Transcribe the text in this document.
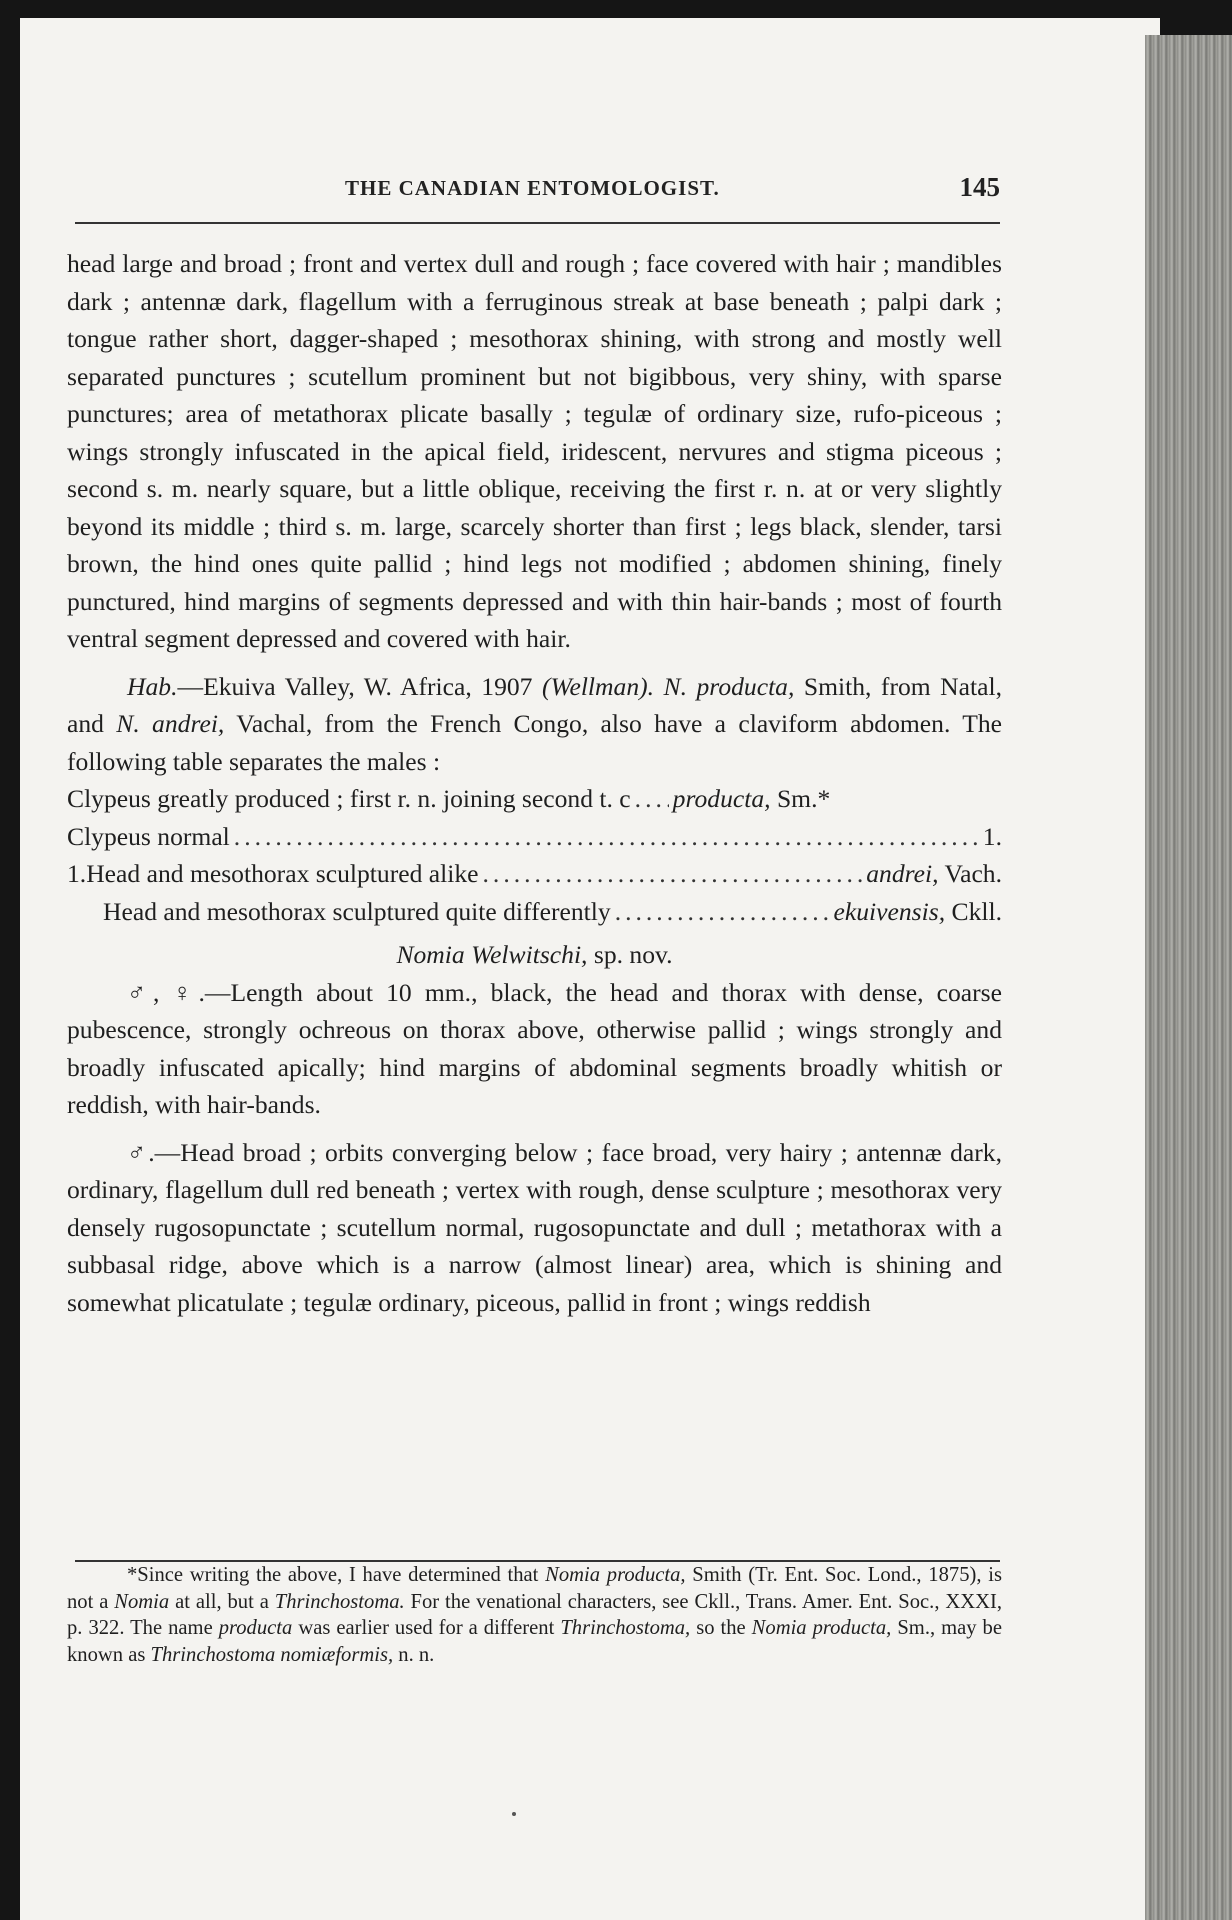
THE CANADIAN ENTOMOLOGIST.	145

head large and broad ; front and vertex dull and rough ; face covered with hair ; mandibles dark ; antennæ dark, flagellum with a ferruginous streak at base beneath ; palpi dark ; tongue rather short, dagger-shaped ; mesothorax shining, with strong and mostly well separated punctures ; scutellum prominent but not bigibbous, very shiny, with sparse punctures; area of metathorax plicate basally ; tegulæ of ordinary size, rufo-piceous ; wings strongly infuscated in the apical field, iridescent, nervures and stigma piceous ; second s. m. nearly square, but a little oblique, receiving the first r. n. at or very slightly beyond its middle ; third s. m. large, scarcely shorter than first ; legs black, slender, tarsi brown, the hind ones quite pallid ; hind legs not modified ; abdomen shining, finely punctured, hind margins of segments depressed and with thin hair-bands ; most of fourth ventral segment depressed and covered with hair.

Hab.—Ekuiva Valley, W. Africa, 1907 (Wellman). N. producta, Smith, from Natal, and N. andrei, Vachal, from the French Congo, also have a claviform abdomen. The following table separates the males :

Clypeus greatly produced ; first r. n. joining second t. c ..... producta, Sm.*
Clypeus normal .....	1.
1. Head and mesothorax sculptured alike .....	andrei, Vach.
Head and mesothorax sculptured quite differently .....	ekuivensis, Ckll.

Nomia Welwitschi, sp. nov.

♂, ♀.—Length about 10 mm., black, the head and thorax with dense, coarse pubescence, strongly ochreous on thorax above, otherwise pallid ; wings strongly and broadly infuscated apically; hind margins of abdominal segments broadly whitish or reddish, with hair-bands.

♂.—Head broad ; orbits converging below ; face broad, very hairy ; antennæ dark, ordinary, flagellum dull red beneath ; vertex with rough, dense sculpture ; mesothorax very densely rugosopunctate ; scutellum normal, rugosopunctate and dull ; metathorax with a subbasal ridge, above which is a narrow (almost linear) area, which is shining and somewhat plicatulate ; tegulæ ordinary, piceous, pallid in front ; wings reddish

*Since writing the above, I have determined that Nomia producta, Smith (Tr. Ent. Soc. Lond., 1875), is not a Nomia at all, but a Thrinchostoma. For the venational characters, see Ckll., Trans. Amer. Ent. Soc., XXXI, p. 322. The name producta was earlier used for a different Thrinchostoma, so the Nomia producta, Sm., may be known as Thrinchostoma nomiæformis, n. n.
